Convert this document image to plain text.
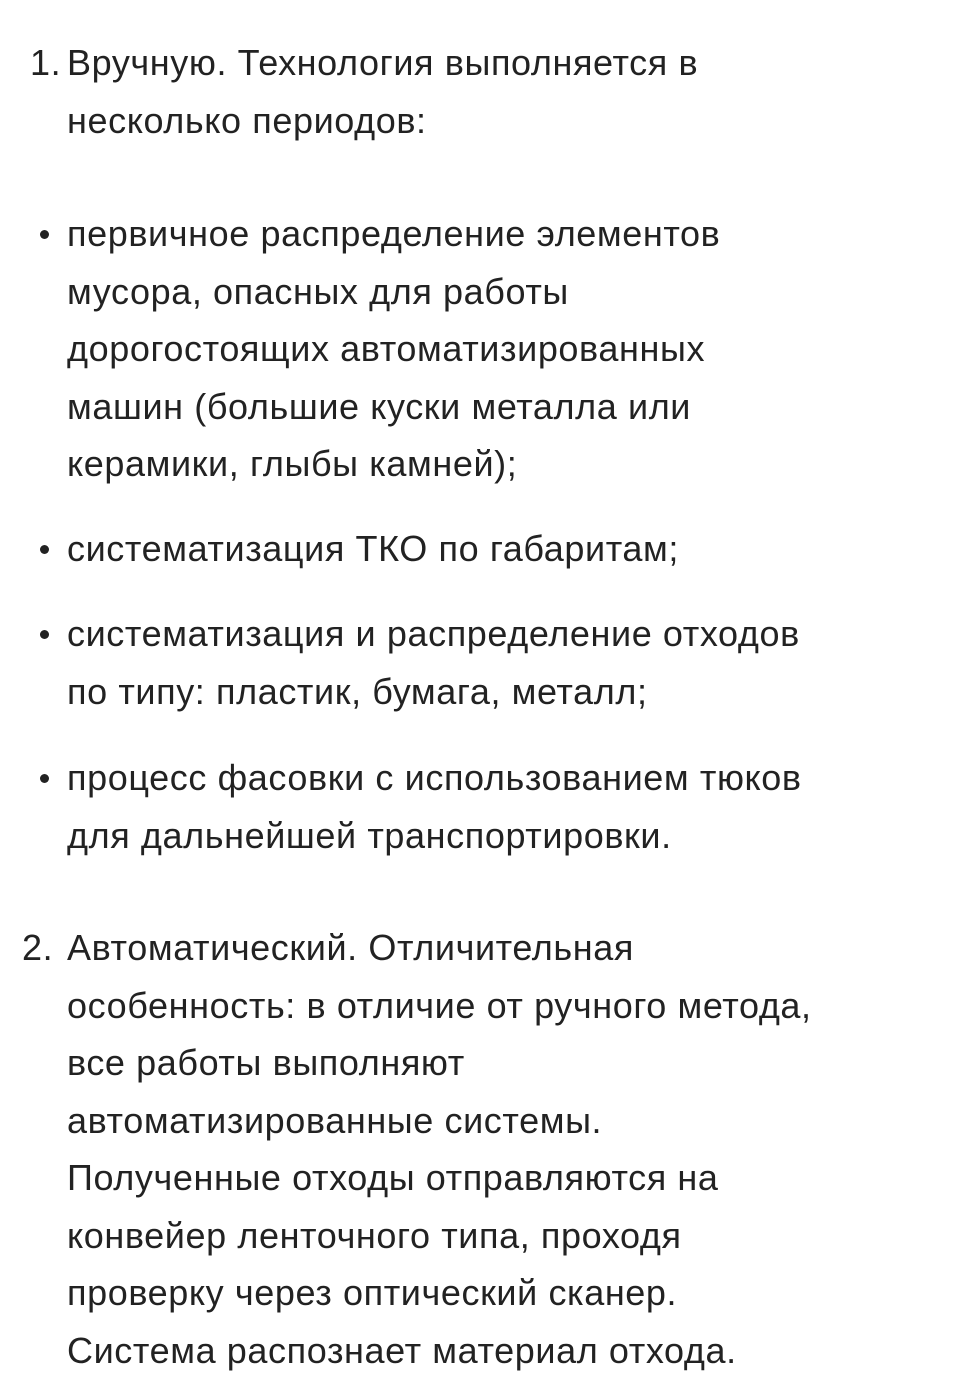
1. Вручную. Технология выполняется в
несколько периодов:
первичное распределение элементов
мусора, опасных для работы
дорогостоящих автоматизированных
машин (большие куски металла или
керамики, глыбы камней);
систематизация ТКО по габаритам;
систематизация и распределение отходов
по типу: пластик, бумага, металл;
процесс фасовки с использованием тюков
для дальнейшей транспортировки.
2. Автоматический. Отличительная
особенность: в отличие от ручного метода,
все работы выполняют
автоматизированные системы.
Полученные отходы отправляются на
конвейер ленточного типа, проходя
проверку через оптический сканер.
Система распознает материал отхода.
